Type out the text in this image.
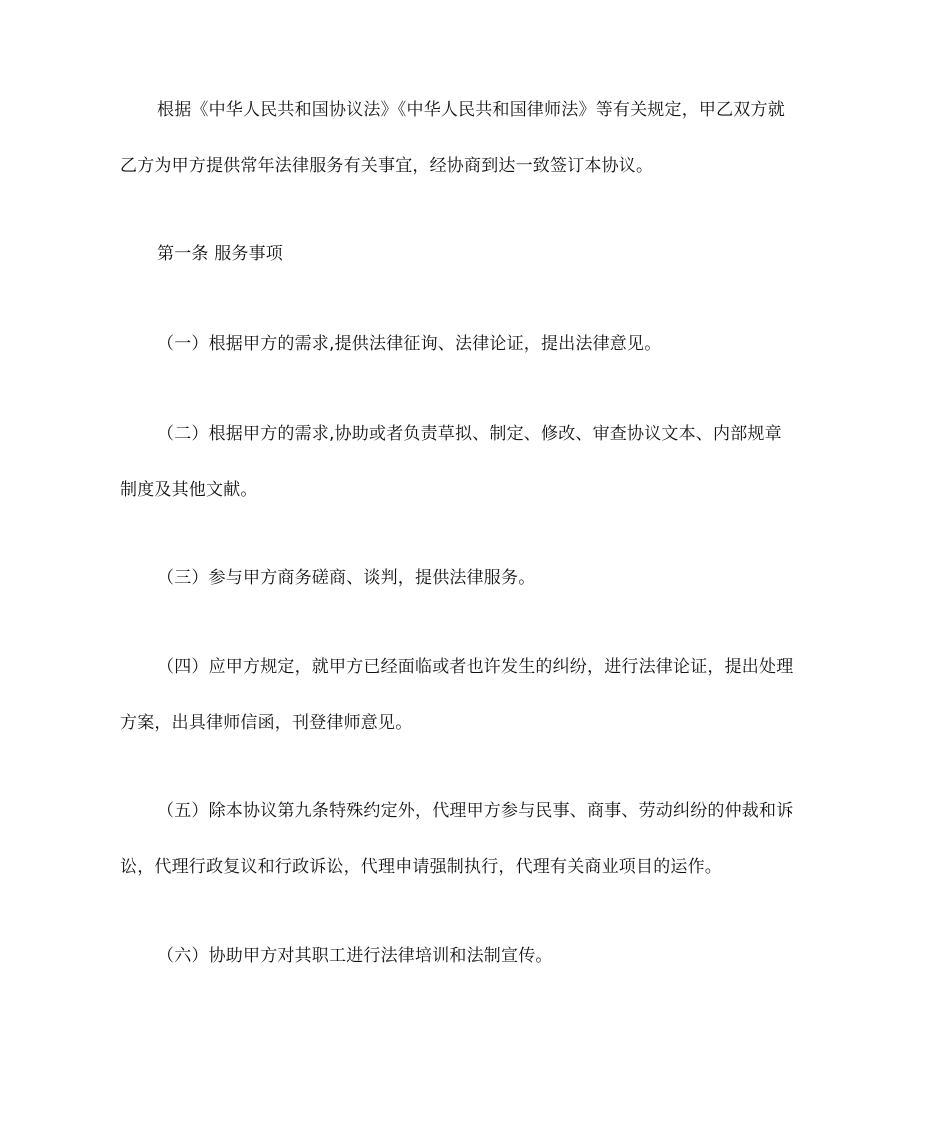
根据《中华人民共和国协议法》《中华人民共和国律师法》等有关规定，甲乙双方就
乙方为甲方提供常年法律服务有关事宜，经协商到达一致签订本协议。
第一条 服务事项
（一）根据甲方的需求,提供法律征询、法律论证，提出法律意见。
（二）根据甲方的需求,协助或者负责草拟、制定、修改、审查协议文本、内部规章
制度及其他文献。
（三）参与甲方商务磋商、谈判，提供法律服务。
（四）应甲方规定，就甲方已经面临或者也许发生的纠纷，进行法律论证，提出处理
方案，出具律师信函，刊登律师意见。
（五）除本协议第九条特殊约定外，代理甲方参与民事、商事、劳动纠纷的仲裁和诉
讼，代理行政复议和行政诉讼，代理申请强制执行，代理有关商业项目的运作。
（六）协助甲方对其职工进行法律培训和法制宣传。
